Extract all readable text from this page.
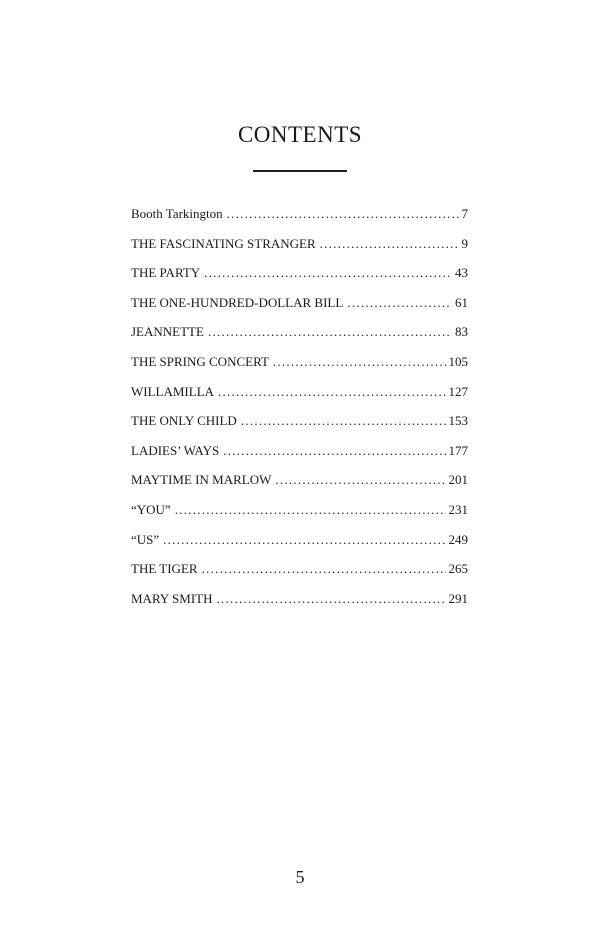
CONTENTS
Booth Tarkington . . .	7
THE FASCINATING STRANGER . . .	9
THE PARTY . . .	43
THE ONE-HUNDRED-DOLLAR BILL . . .	61
JEANNETTE . . .	83
THE SPRING CONCERT . . .	105
WILLAMILLA . . .	127
THE ONLY CHILD . . .	153
LADIES’ WAYS . . .	177
MAYTIME IN MARLOW . . .	201
“YOU” . . .	231
“US” . . .	249
THE TIGER . . .	265
MARY SMITH . . .	291
5
